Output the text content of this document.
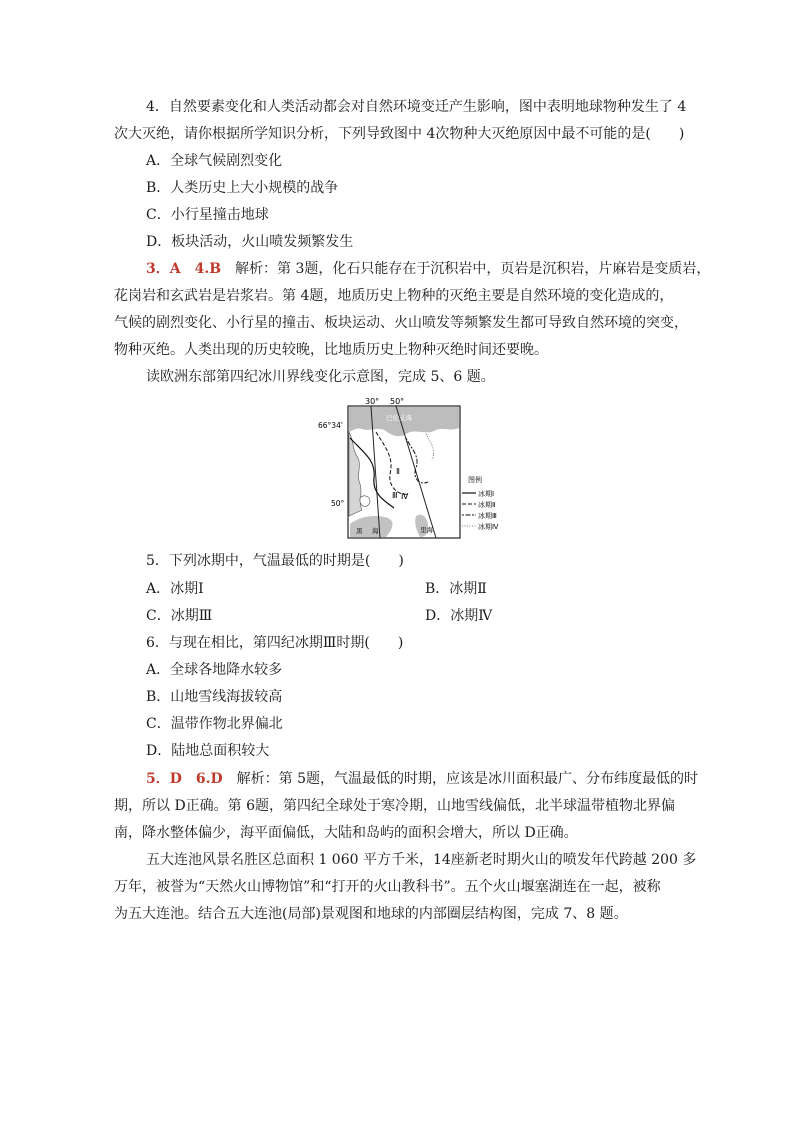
4．自然要素变化和人类活动都会对自然环境变迁产生影响，图中表明地球物种发生了 4
次大灭绝，请你根据所学知识分析，下列导致图中 4次物种大灭绝原因中最不可能的是(　　)
A．全球气候剧烈变化
B．人类历史上大小规模的战争
C．小行星撞击地球
D．板块活动，火山喷发频繁发生
3．A　4.B　解析：第 3题，化石只能存在于沉积岩中，页岩是沉积岩，片麻岩是变质岩，
花岗岩和玄武岩是岩浆岩。第 4题，地质历史上物种的灭绝主要是自然环境的变化造成的，
气候的剧烈变化、小行星的撞击、板块运动、火山喷发等频繁发生都可导致自然环境的突变，
物种灭绝。人类出现的历史较晚，比地质历史上物种灭绝时间还要晚。
读欧洲东部第四纪冰川界线变化示意图，完成 5、6 题。
30° 50°
66°34'
50°
巴伦支海
黑 海	里海
Ⅱ
Ⅲ Ⅳ
图例
冰期Ⅰ
冰期Ⅱ
冰期Ⅲ
冰期Ⅳ
5．下列冰期中，气温最低的时期是(　　)
A．冰期Ⅰ	B．冰期Ⅱ
C．冰期Ⅲ	D．冰期Ⅳ
6．与现在相比，第四纪冰期Ⅲ时期(　　)
A．全球各地降水较多
B．山地雪线海拔较高
C．温带作物北界偏北
D．陆地总面积较大
5．D　6.D　解析：第 5题，气温最低的时期，应该是冰川面积最广、分布纬度最低的时
期，所以 D正确。第 6题，第四纪全球处于寒冷期，山地雪线偏低，北半球温带植物北界偏
南，降水整体偏少，海平面偏低，大陆和岛屿的面积会增大，所以 D正确。
五大连池风景名胜区总面积 1 060 平方千米，14座新老时期火山的喷发年代跨越 200 多
万年，被誉为“天然火山博物馆”和“打开的火山教科书”。五个火山堰塞湖连在一起，被称
为五大连池。结合五大连池(局部)景观图和地球的内部圈层结构图，完成 7、8 题。
